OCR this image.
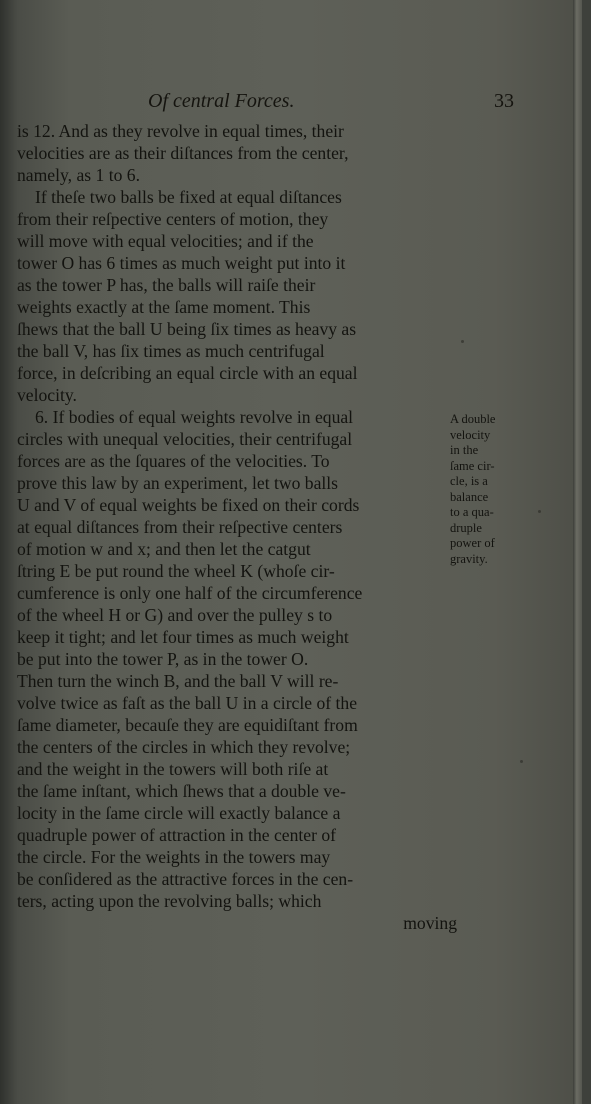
Of central Forces.	33
is 12. And as they revolve in equal times, their
velocities are as their diſtances from the center,
namely, as 1 to 6.
If theſe two balls be fixed at equal diſtances
from their reſpective centers of motion, they
will move with equal velocities; and if the
tower O has 6 times as much weight put into it
as the tower P has, the balls will raiſe their
weights exactly at the ſame moment. This
ſhews that the ball U being ſix times as heavy as
the ball V, has ſix times as much centrifugal
force, in deſcribing an equal circle with an equal
velocity.
6. If bodies of equal weights revolve in equal
circles with unequal velocities, their centrifugal
forces are as the ſquares of the velocities. To
prove this law by an experiment, let two balls
U and V of equal weights be fixed on their cords
at equal diſtances from their reſpective centers
of motion w and x; and then let the catgut
ſtring E be put round the wheel K (whoſe cir-
cumference is only one half of the circumference
of the wheel H or G) and over the pulley s to
keep it tight; and let four times as much weight
be put into the tower P, as in the tower O.
Then turn the winch B, and the ball V will re-
volve twice as faſt as the ball U in a circle of the
ſame diameter, becauſe they are equidiſtant from
the centers of the circles in which they revolve;
and the weight in the towers will both riſe at
the ſame inſtant, which ſhews that a double ve-
locity in the ſame circle will exactly balance a
quadruple power of attraction in the center of
the circle. For the weights in the towers may
be conſidered as the attractive forces in the cen-
ters, acting upon the revolving balls; which
moving
A double
velocity
in the
ſame cir-
cle, is a
balance
to a qua-
druple
power of
gravity.
